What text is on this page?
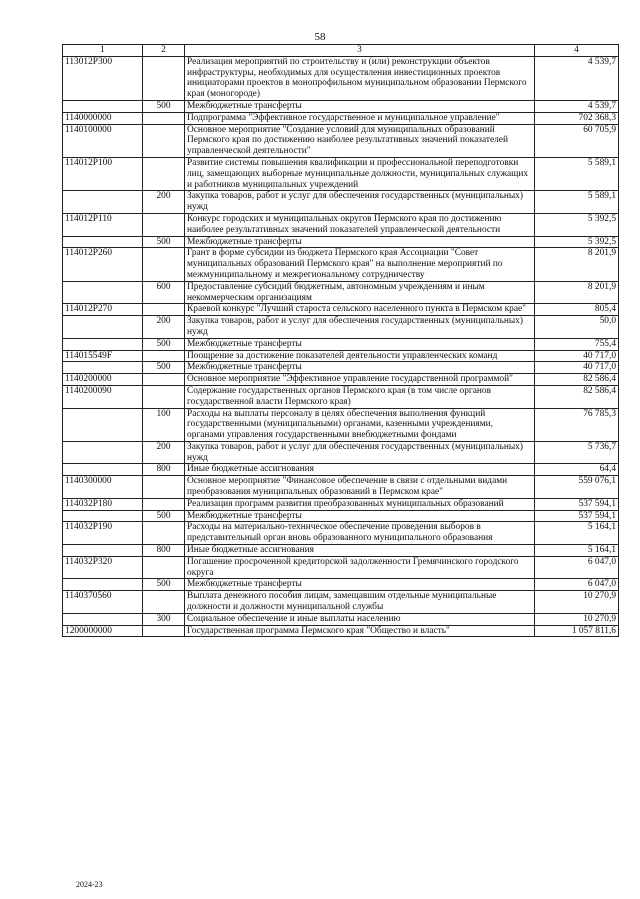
58
1	2	3	4
113012Р300		Реализация мероприятий по строительству и (или) реконструкции объектов инфраструктуры, необходимых для осуществления инвестиционных проектов инициаторами проектов в монопрофильном муниципальном образовании Пермского края (моногороде)	4 539,7
	500	Межбюджетные трансферты	4 539,7
1140000000		Подпрограмма "Эффективное государственное и муниципальное управление"	702 368,3
1140100000		Основное мероприятие "Создание условий для муниципальных образований Пермского края по достижению наиболее результативных значений показателей управленческой деятельности"	60 705,9
114012Р100		Развитие системы повышения квалификации и профессиональной переподготовки лиц, замещающих выборные муниципальные должности, муниципальных служащих и работников муниципальных учреждений	5 589,1
	200	Закупка товаров, работ и услуг для обеспечения государственных (муниципальных) нужд	5 589,1
114012Р110		Конкурс городских и муниципальных округов Пермского края по достижению наиболее результативных значений показателей управленческой деятельности	5 392,5
	500	Межбюджетные трансферты	5 392,5
114012Р260		Грант в форме субсидии из бюджета Пермского края Ассоциации "Совет муниципальных образований Пермского края" на выполнение мероприятий по межмуниципальному и межрегиональному сотрудничеству	8 201,9
	600	Предоставление субсидий бюджетным, автономным учреждениям и иным некоммерческим организациям	8 201,9
114012Р270		Краевой конкурс "Лучший староста сельского населенного пункта в Пермском крае"	805,4
	200	Закупка товаров, работ и услуг для обеспечения государственных (муниципальных) нужд	50,0
	500	Межбюджетные трансферты	755,4
114015549F		Поощрение за достижение показателей деятельности управленческих команд	40 717,0
	500	Межбюджетные трансферты	40 717,0
1140200000		Основное мероприятие "Эффективное управление государственной программой"	82 586,4
1140200090		Содержание государственных органов Пермского края (в том числе органов государственной власти Пермского края)	82 586,4
	100	Расходы на выплаты персоналу в целях обеспечения выполнения функций государственными (муниципальными) органами, казенными учреждениями, органами управления государственными внебюджетными фондами	76 785,3
	200	Закупка товаров, работ и услуг для обеспечения государственных (муниципальных) нужд	5 736,7
	800	Иные бюджетные ассигнования	64,4
1140300000		Основное мероприятие "Финансовое обеспечение в связи с отдельными видами преобразования муниципальных образований в Пермском крае"	559 076,1
114032Р180		Реализация программ развития преобразованных муниципальных образований	537 594,1
	500	Межбюджетные трансферты	537 594,1
114032Р190		Расходы на материально-техническое обеспечение проведения выборов в представительный орган вновь образованного муниципального образования	5 164,1
	800	Иные бюджетные ассигнования	5 164,1
114032Р320		Погашение просроченной кредиторской задолженности Гремячинского городского округа	6 047,0
	500	Межбюджетные трансферты	6 047,0
1140370560		Выплата денежного пособия лицам, замещавшим отдельные муниципальные должности и должности муниципальной службы	10 270,9
	300	Социальное обеспечение и иные выплаты населению	10 270,9
1200000000		Государственная программа Пермского края "Общество и власть"	1 057 811,6
2024-23
